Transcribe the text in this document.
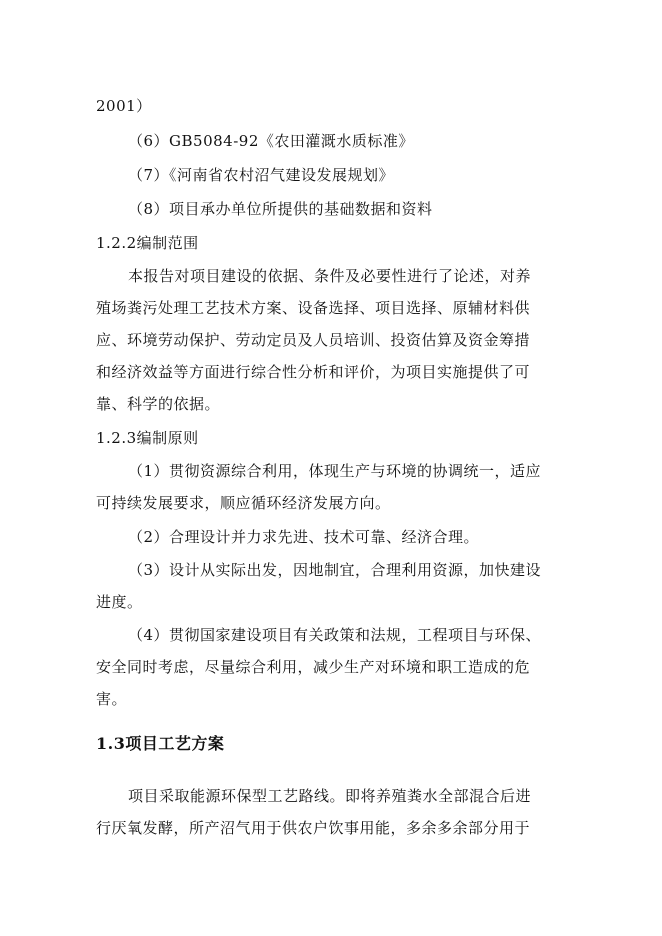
2001）
（6）GB5084-92《农田灌溉水质标准》
（7）《河南省农村沼气建设发展规划》
（8）项目承办单位所提供的基础数据和资料
1.2.2编制范围
本报告对项目建设的依据、条件及必要性进行了论述，对养
殖场粪污处理工艺技术方案、设备选择、项目选择、原辅材料供
应、环境劳动保护、劳动定员及人员培训、投资估算及资金筹措
和经济效益等方面进行综合性分析和评价，为项目实施提供了可
靠、科学的依据。
1.2.3编制原则
（1）贯彻资源综合利用，体现生产与环境的协调统一，适应
可持续发展要求，顺应循环经济发展方向。
（2）合理设计并力求先进、技术可靠、经济合理。
（3）设计从实际出发，因地制宜，合理利用资源，加快建设
进度。
（4）贯彻国家建设项目有关政策和法规，工程项目与环保、
安全同时考虑，尽量综合利用，减少生产对环境和职工造成的危
害。
1.3项目工艺方案
项目采取能源环保型工艺路线。即将养殖粪水全部混合后进
行厌氧发酵，所产沼气用于供农户饮事用能，多余多余部分用于
